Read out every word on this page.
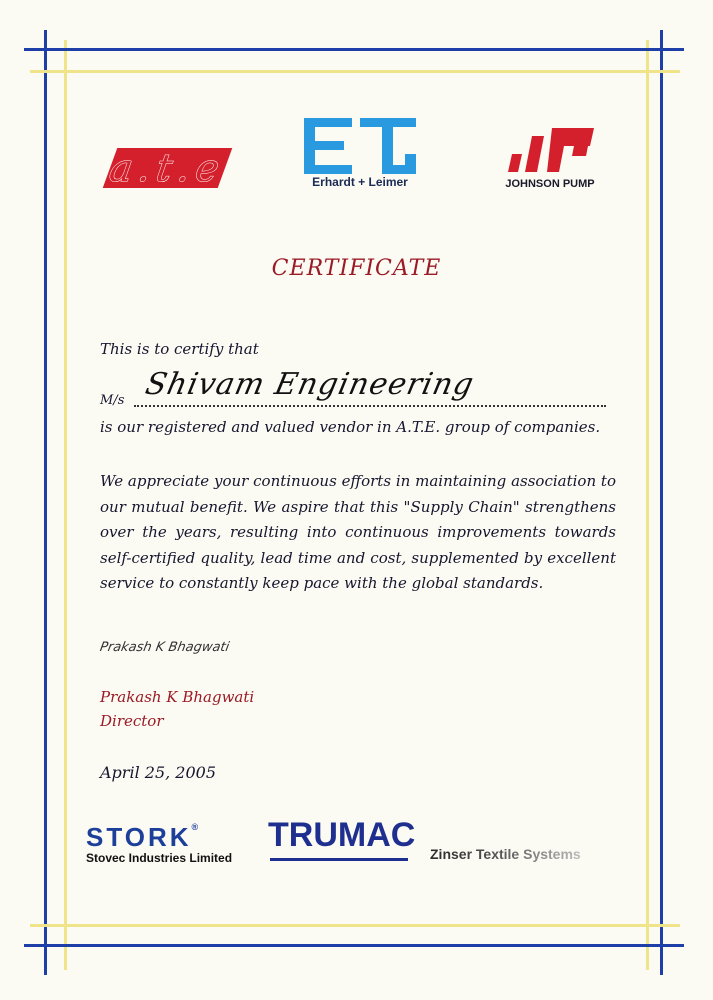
a.t.e	Erhardt + Leimer	JOHNSON PUMP
CERTIFICATE
This is to certify that
M/s Shivam Engineering
is our registered and valued vendor in A.T.E. group of companies.
We appreciate your continuous efforts in maintaining association to our mutual benefit. We aspire that this "Supply Chain" strengthens over the years, resulting into continuous improvements towards self-certified quality, lead time and cost, supplemented by excellent service to constantly keep pace with the global standards.
Prakash K Bhagwati
Prakash K Bhagwati
Director
April 25, 2005
STORK®
Stovec Industries Limited
TRUMAC Zinser Textile Systems
